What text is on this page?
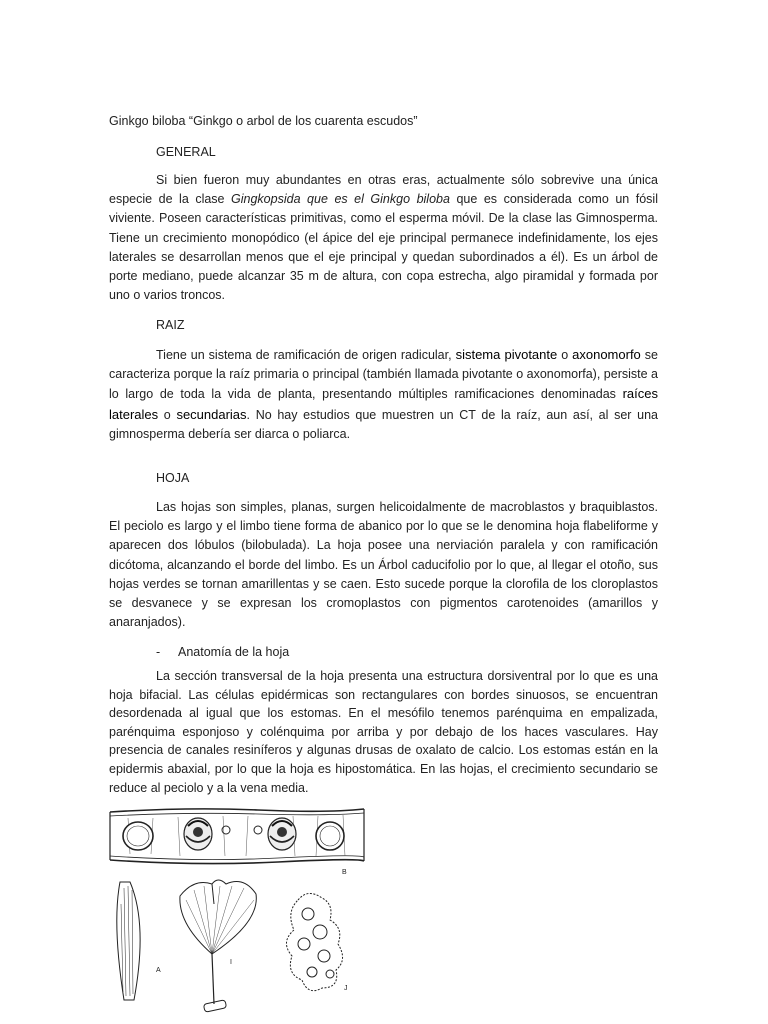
Ginkgo biloba “Ginkgo o arbol de los cuarenta escudos”
GENERAL

Si bien fueron muy abundantes en otras eras, actualmente sólo sobrevive una única especie de la clase Gingkopsida que es el Ginkgo biloba que es considerada como un fósil viviente. Poseen características primitivas, como el esperma móvil. De la clase las Gimnosperma. Tiene un crecimiento monopódico (el ápice del eje principal permanece indefinidamente, los ejes laterales se desarrollan menos que el eje principal y quedan subordinados a él). Es un árbol de porte mediano, puede alcanzar 35 m de altura, con copa estrecha, algo piramidal y formada por uno o varios troncos.

RAIZ

Tiene un sistema de ramificación de origen radicular, sistema pivotante o axonomorfo se caracteriza porque la raíz primaria o principal (también llamada pivotante o axonomorfa), persiste a lo largo de toda la vida de planta, presentando múltiples ramificaciones denominadas raíces laterales o secundarias. No hay estudios que muestren un CT de la raíz, aun así, al ser una gimnosperma debería ser diarca o poliarca.

HOJA

Las hojas son simples, planas, surgen helicoidalmente de macroblastos y braquiblastos. El peciolo es largo y el limbo tiene forma de abanico por lo que se le denomina hoja flabeliforme y aparecen dos lóbulos (bilobulada). La hoja posee una nerviación paralela y con ramificación dicótoma, alcanzando el borde del limbo. Es un Árbol caducifolio por lo que, al llegar el otoño, sus hojas verdes se tornan amarillentas y se caen. Esto sucede porque la clorofila de los cloroplastos se desvanece y se expresan los cromoplastos con pigmentos carotenoides (amarillos y anaranjados).

- Anatomía de la hoja

La sección transversal de la hoja presenta una estructura dorsiventral por lo que es una hoja bifacial. Las células epidérmicas son rectangulares con bordes sinuosos, se encuentran desordenada al igual que los estomas. En el mesófilo tenemos parénquima en empalizada, parénquima esponjoso y colénquima por arriba y por debajo de los haces vasculares. Hay presencia de canales resiníferos y algunas drusas de oxalato de calcio. Los estomas están en la epidermis abaxial, por lo que la hoja es hipostomática. En las hojas, el crecimiento secundario se reduce al peciolo y a la vena media.

B
A
I
J
